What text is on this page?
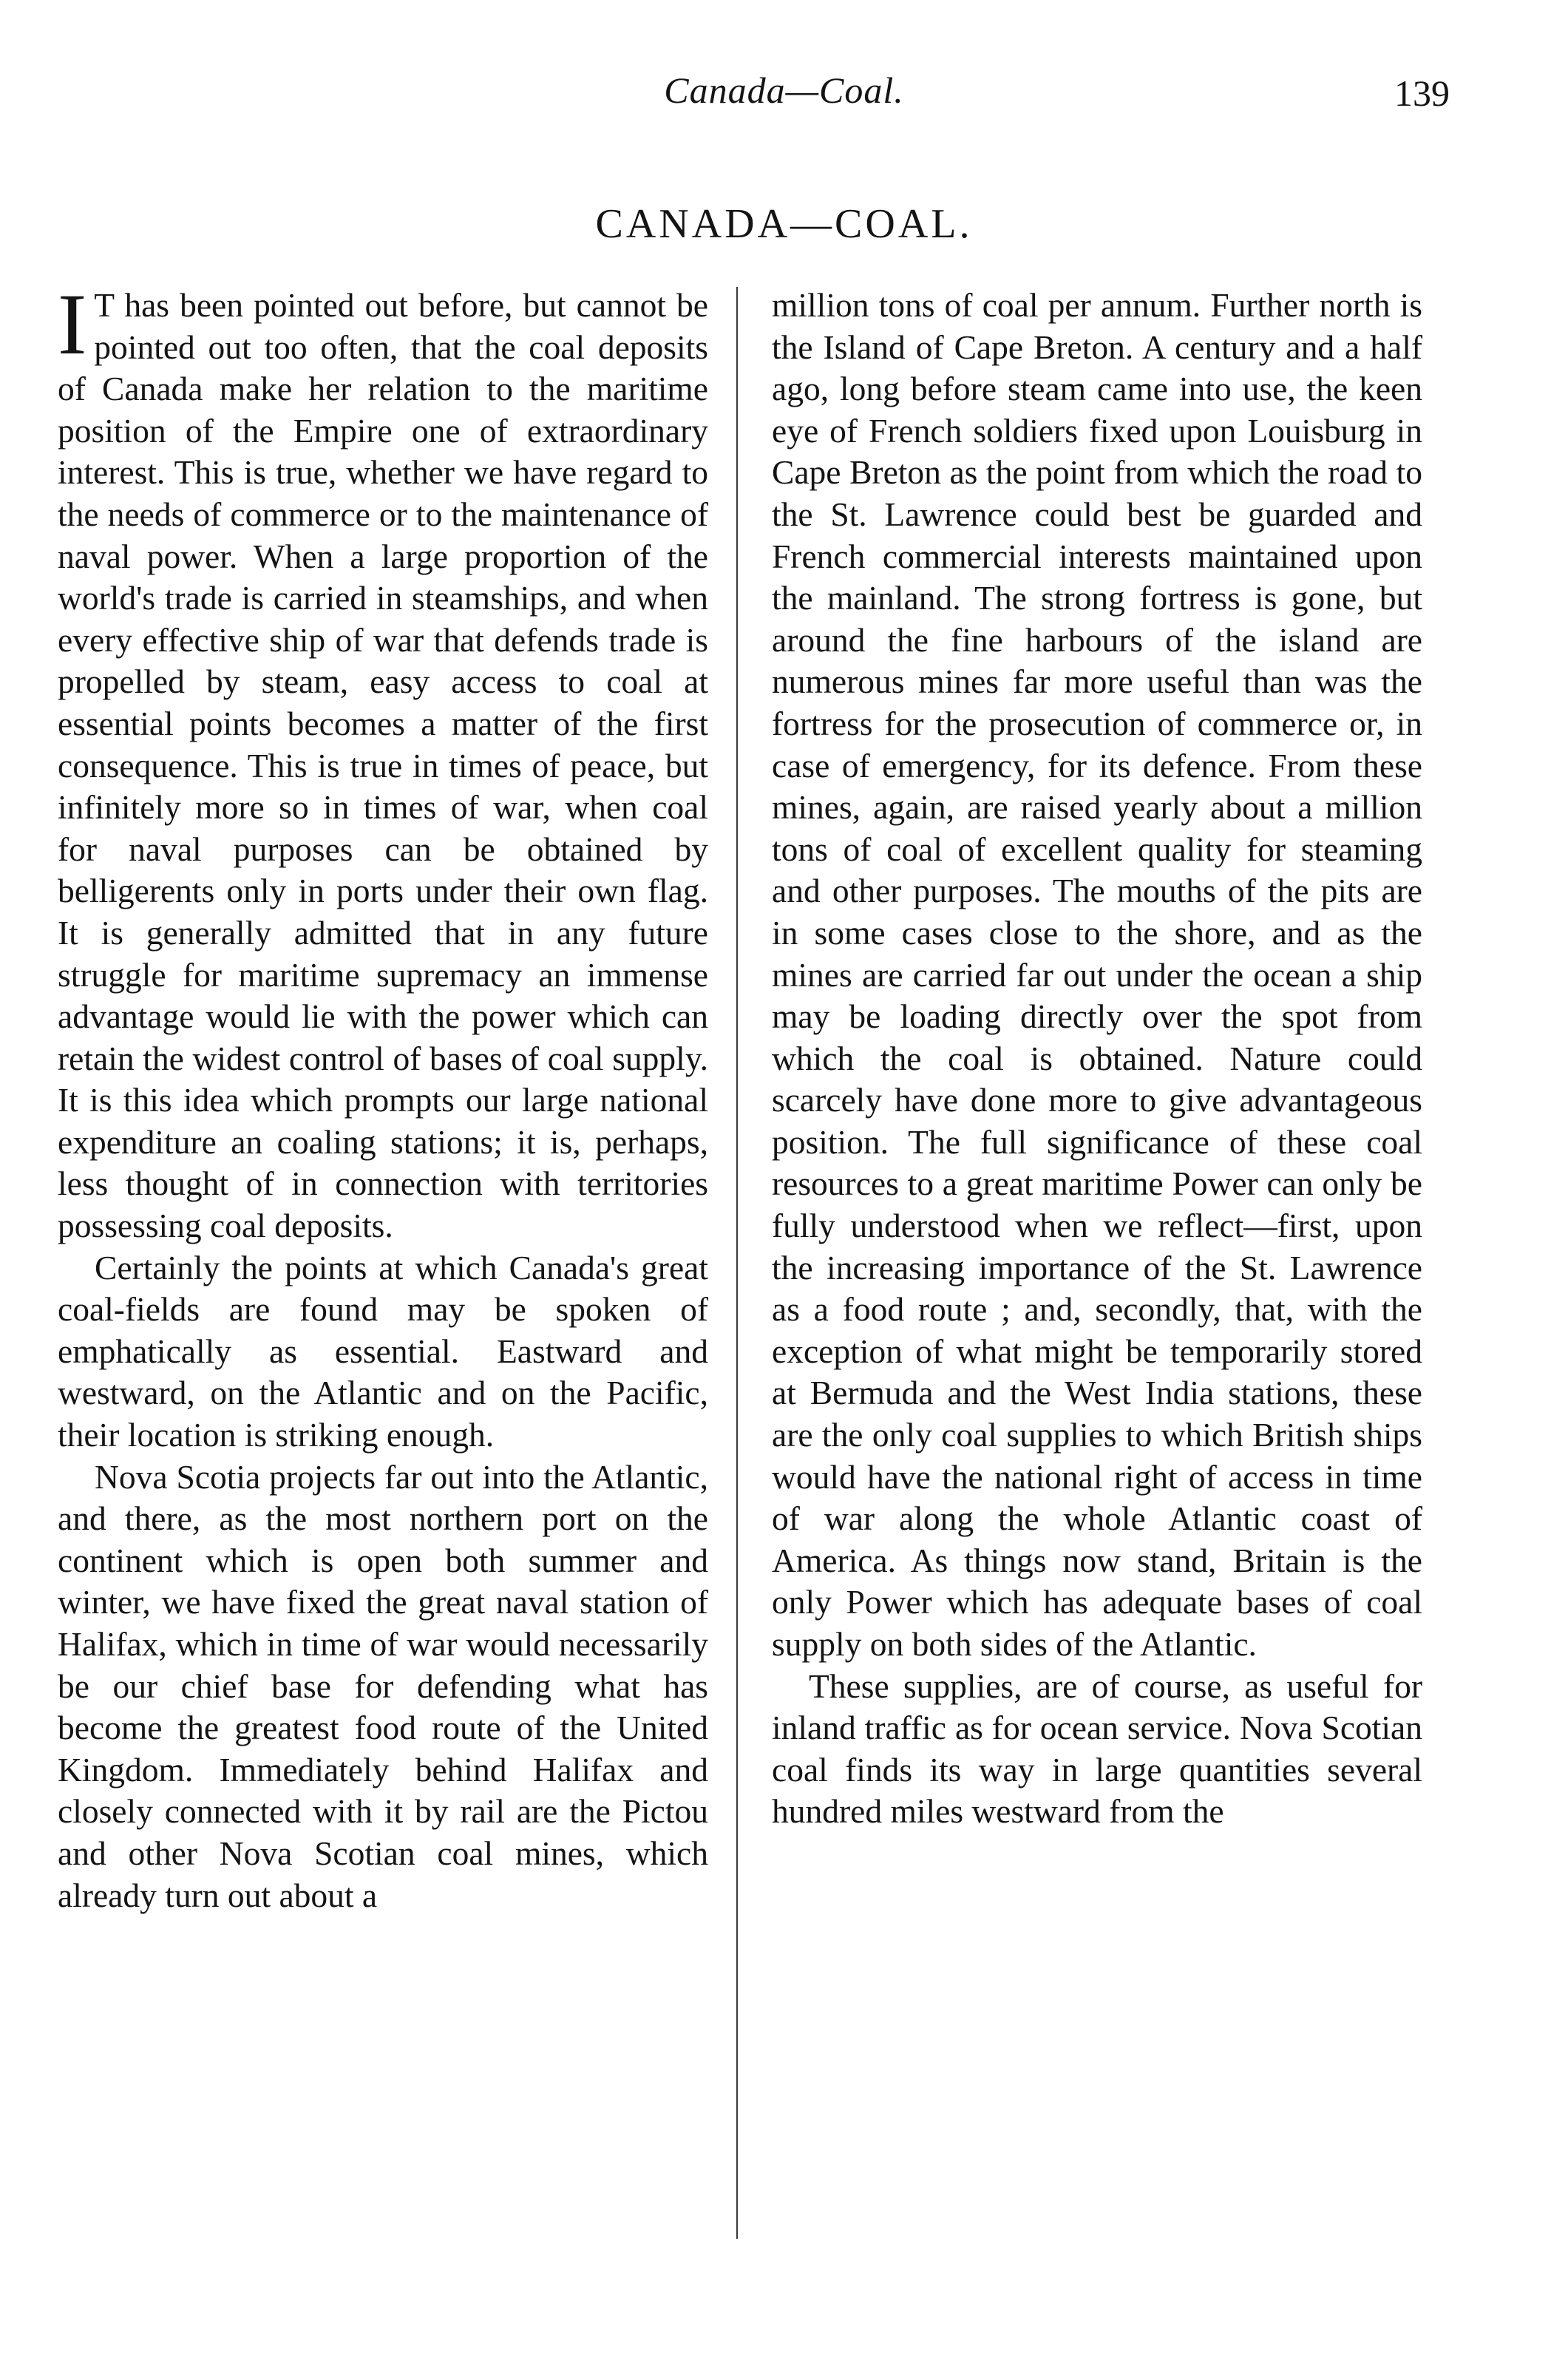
Canada—Coal.	139
CANADA—COAL.

I T has been pointed out before, but cannot be pointed out too often, that the coal deposits of Canada make her relation to the maritime position of the Empire one of extraordinary interest. This is true, whether we have regard to the needs of commerce or to the maintenance of naval power. When a large proportion of the world's trade is carried in steamships, and when every effective ship of war that defends trade is propelled by steam, easy access to coal at essential points becomes a matter of the first consequence. This is true in times of peace, but infinitely more so in times of war, when coal for naval purposes can be obtained by belligerents only in ports under their own flag. It is generally admitted that in any future struggle for maritime supremacy an immense advantage would lie with the power which can retain the widest control of bases of coal supply. It is this idea which prompts our large national expenditure an coaling stations; it is, perhaps, less thought of in connection with territories possessing coal deposits.

Certainly the points at which Canada's great coal-fields are found may be spoken of emphatically as essential. Eastward and westward, on the Atlantic and on the Pacific, their location is striking enough.

Nova Scotia projects far out into the Atlantic, and there, as the most northern port on the continent which is open both summer and winter, we have fixed the great naval station of Halifax, which in time of war would necessarily be our chief base for defending what has become the greatest food route of the United Kingdom. Immediately behind Halifax and closely connected with it by rail are the Pictou and other Nova Scotian coal mines, which already turn out about a

million tons of coal per annum. Further north is the Island of Cape Breton. A century and a half ago, long before steam came into use, the keen eye of French soldiers fixed upon Louisburg in Cape Breton as the point from which the road to the St. Lawrence could best be guarded and French commercial interests maintained upon the mainland. The strong fortress is gone, but around the fine harbours of the island are numerous mines far more useful than was the fortress for the prosecution of commerce or, in case of emergency, for its defence. From these mines, again, are raised yearly about a million tons of coal of excellent quality for steaming and other purposes. The mouths of the pits are in some cases close to the shore, and as the mines are carried far out under the ocean a ship may be loading directly over the spot from which the coal is obtained. Nature could scarcely have done more to give advantageous position. The full significance of these coal resources to a great maritime Power can only be fully understood when we reflect—first, upon the increasing importance of the St. Lawrence as a food route ; and, secondly, that, with the exception of what might be temporarily stored at Bermuda and the West India stations, these are the only coal supplies to which British ships would have the national right of access in time of war along the whole Atlantic coast of America. As things now stand, Britain is the only Power which has adequate bases of coal supply on both sides of the Atlantic.

These supplies, are of course, as useful for inland traffic as for ocean service. Nova Scotian coal finds its way in large quantities several hundred miles westward from the
